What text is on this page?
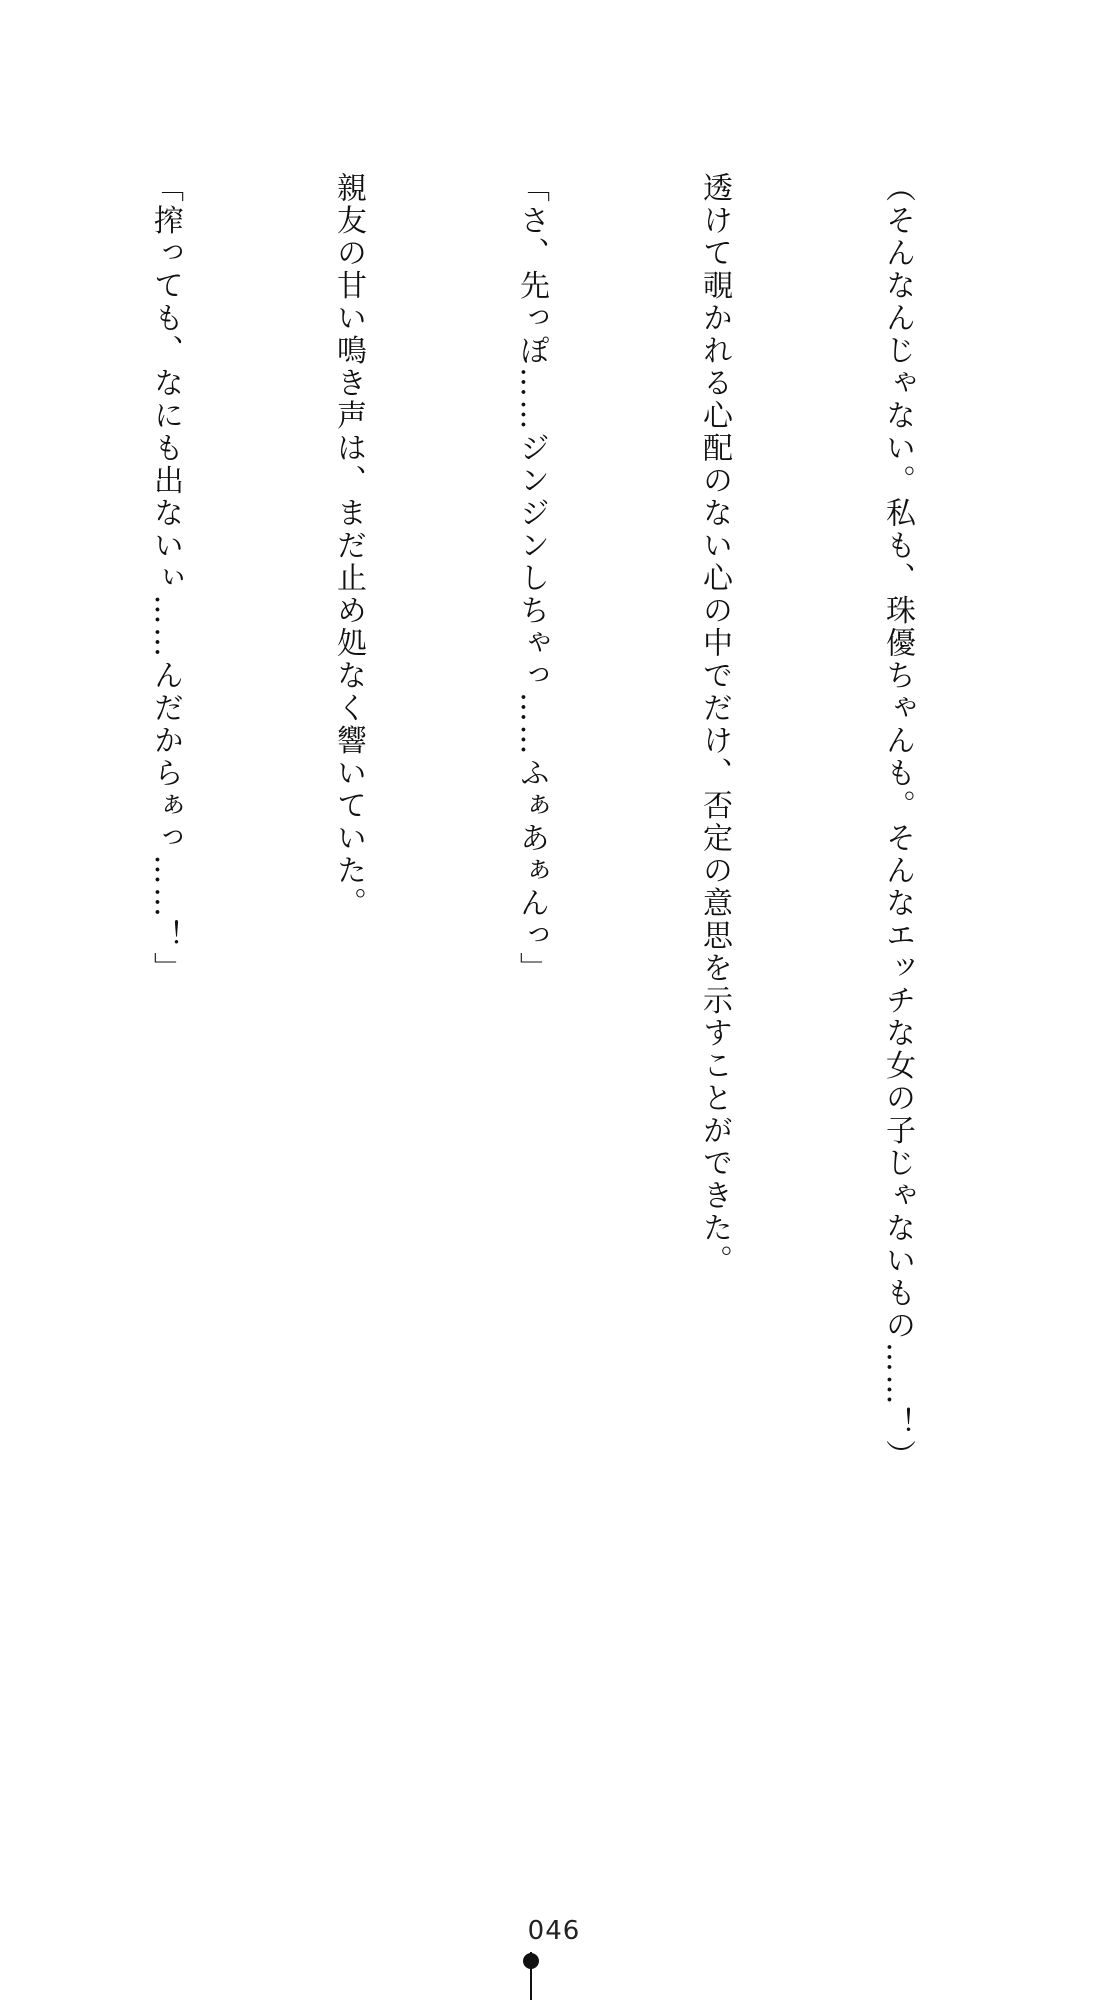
（そんなんじゃない。私も、珠優ちゃんも。そんなエッチな女の子じゃないもの……！）

透けて覗かれる心配のない心の中でだけ、否定の意思を示すことができた。

「さ、先っぽ……ジンジンしちゃっ……ふぁあぁんっ」

親友の甘い鳴き声は、まだ止め処なく響いていた。

「搾っても、なにも出ないぃ……んだからぁっ……！」

046
